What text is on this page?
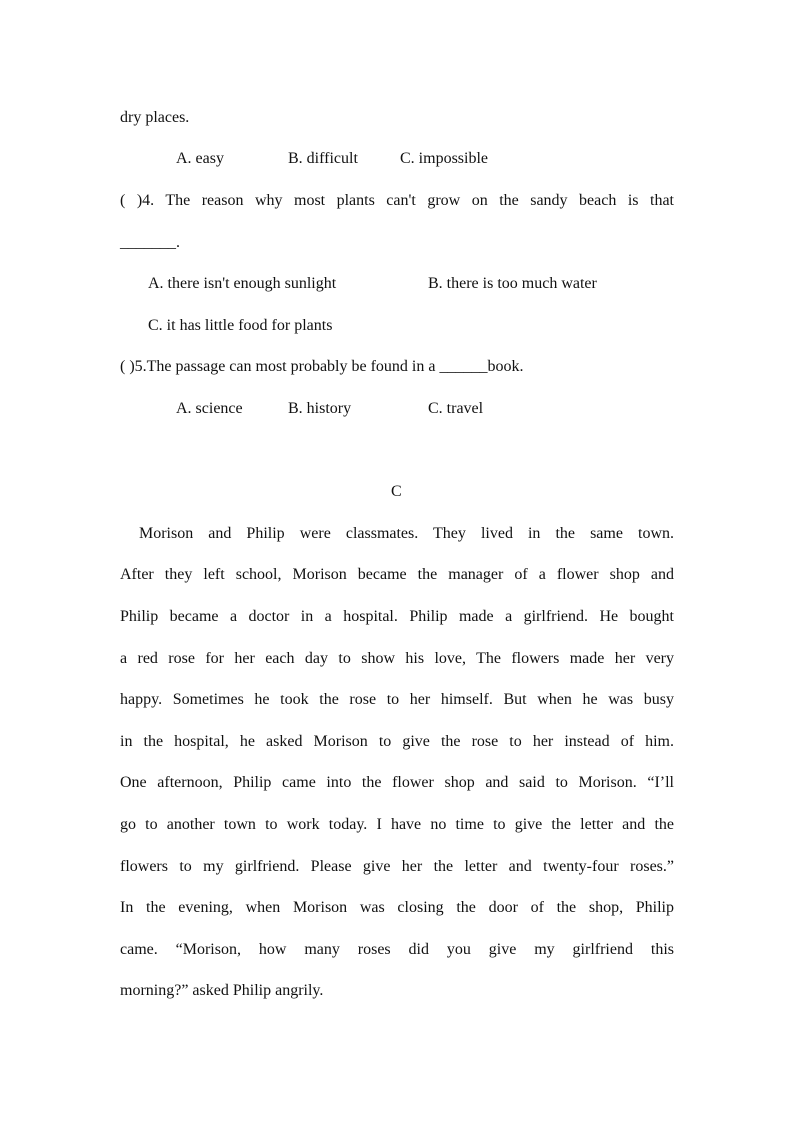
dry places.
A. easy	B. difficult	C. impossible
( )4. The reason why most plants can't grow on the sandy beach is that
_______.
A. there isn't enough sunlight	B. there is too much water
C. it has little food for plants
( )5.The passage can most probably be found in a ______book.
A. science	B. history	C. travel
C
Morison and Philip were classmates. They lived in the same town.
After they left school, Morison became the manager of a flower shop and
Philip became a doctor in a hospital. Philip made a girlfriend. He bought
a red rose for her each day to show his love, The flowers made her very
happy. Sometimes he took the rose to her himself. But when he was busy
in the hospital, he asked Morison to give the rose to her instead of him.
One afternoon, Philip came into the flower shop and said to Morison. “I’ll
go to another town to work today. I have no time to give the letter and the
flowers to my girlfriend. Please give her the letter and twenty-four roses.”
In the evening, when Morison was closing the door of the shop, Philip
came. “Morison, how many roses did you give my girlfriend this
morning?” asked Philip angrily.
